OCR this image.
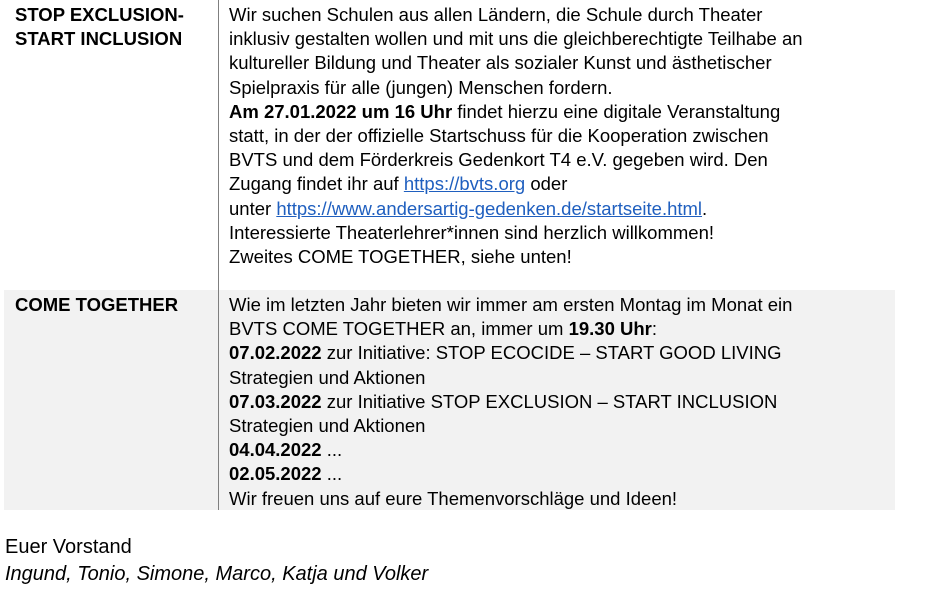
STOP EXCLUSION-
START INCLUSION
Wir suchen Schulen aus allen Ländern, die Schule durch Theater
inklusiv gestalten wollen und mit uns die gleichberechtigte Teilhabe an
kultureller Bildung und Theater als sozialer Kunst und ästhetischer
Spielpraxis für alle (jungen) Menschen fordern.
Am 27.01.2022 um 16 Uhr findet hierzu eine digitale Veranstaltung
statt, in der der offizielle Startschuss für die Kooperation zwischen
BVTS und dem Förderkreis Gedenkort T4 e.V. gegeben wird. Den
Zugang findet ihr auf https://bvts.org oder
unter https://www.andersartig-gedenken.de/startseite.html.
Interessierte Theaterlehrer*innen sind herzlich willkommen!
Zweites COME TOGETHER, siehe unten!
COME TOGETHER	Wie im letzten Jahr bieten wir immer am ersten Montag im Monat ein
BVTS COME TOGETHER an, immer um 19.30 Uhr:
07.02.2022 zur Initiative: STOP ECOCIDE – START GOOD LIVING
Strategien und Aktionen
07.03.2022 zur Initiative STOP EXCLUSION – START INCLUSION
Strategien und Aktionen
04.04.2022 ...
02.05.2022 ...
Wir freuen uns auf eure Themenvorschläge und Ideen!
Euer Vorstand
Ingund, Tonio, Simone, Marco, Katja und Volker
